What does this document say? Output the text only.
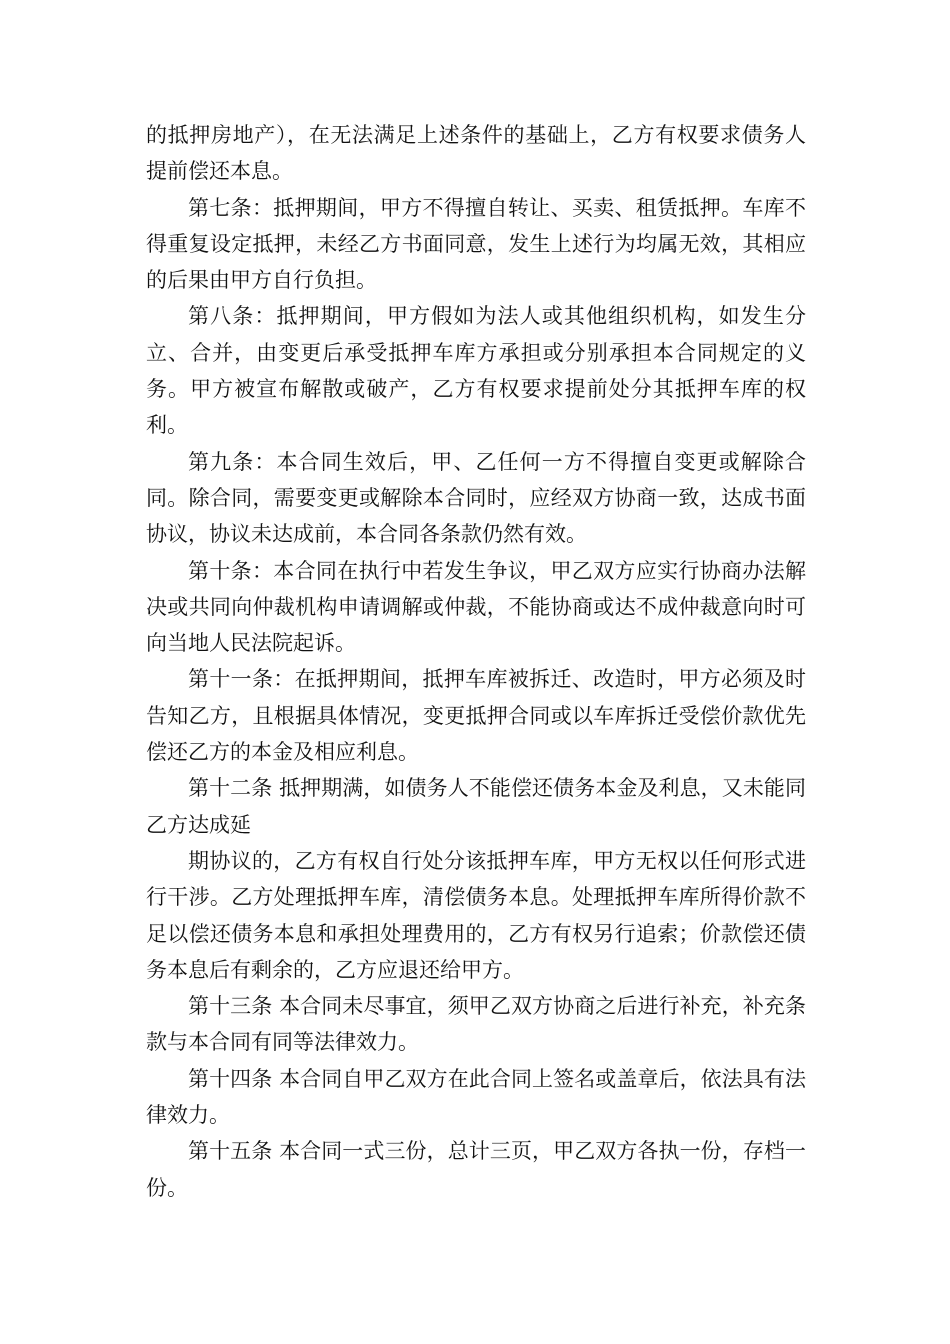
的抵押房地产），在无法满足上述条件的基础上，乙方有权要求债务人提前偿还本息。

第七条：抵押期间，甲方不得擅自转让、买卖、租赁抵押。车库不得重复设定抵押，未经乙方书面同意，发生上述行为均属无效，其相应的后果由甲方自行负担。

第八条：抵押期间，甲方假如为法人或其他组织机构，如发生分立、合并，由变更后承受抵押车库方承担或分别承担本合同规定的义务。甲方被宣布解散或破产，乙方有权要求提前处分其抵押车库的权利。

第九条：本合同生效后，甲、乙任何一方不得擅自变更或解除合同。除合同，需要变更或解除本合同时，应经双方协商一致，达成书面协议，协议未达成前，本合同各条款仍然有效。

第十条：本合同在执行中若发生争议，甲乙双方应实行协商办法解决或共同向仲裁机构申请调解或仲裁，不能协商或达不成仲裁意向时可向当地人民法院起诉。

第十一条：在抵押期间，抵押车库被拆迁、改造时，甲方必须及时告知乙方，且根据具体情况，变更抵押合同或以车库拆迁受偿价款优先偿还乙方的本金及相应利息。

第十二条 抵押期满，如债务人不能偿还债务本金及利息，又未能同乙方达成延

期协议的，乙方有权自行处分该抵押车库，甲方无权以任何形式进行干涉。乙方处理抵押车库，清偿债务本息。处理抵押车库所得价款不足以偿还债务本息和承担处理费用的，乙方有权另行追索；价款偿还债务本息后有剩余的，乙方应退还给甲方。

第十三条 本合同未尽事宜，须甲乙双方协商之后进行补充，补充条款与本合同有同等法律效力。

第十四条 本合同自甲乙双方在此合同上签名或盖章后，依法具有法律效力。

第十五条 本合同一式三份，总计三页，甲乙双方各执一份，存档一份。
